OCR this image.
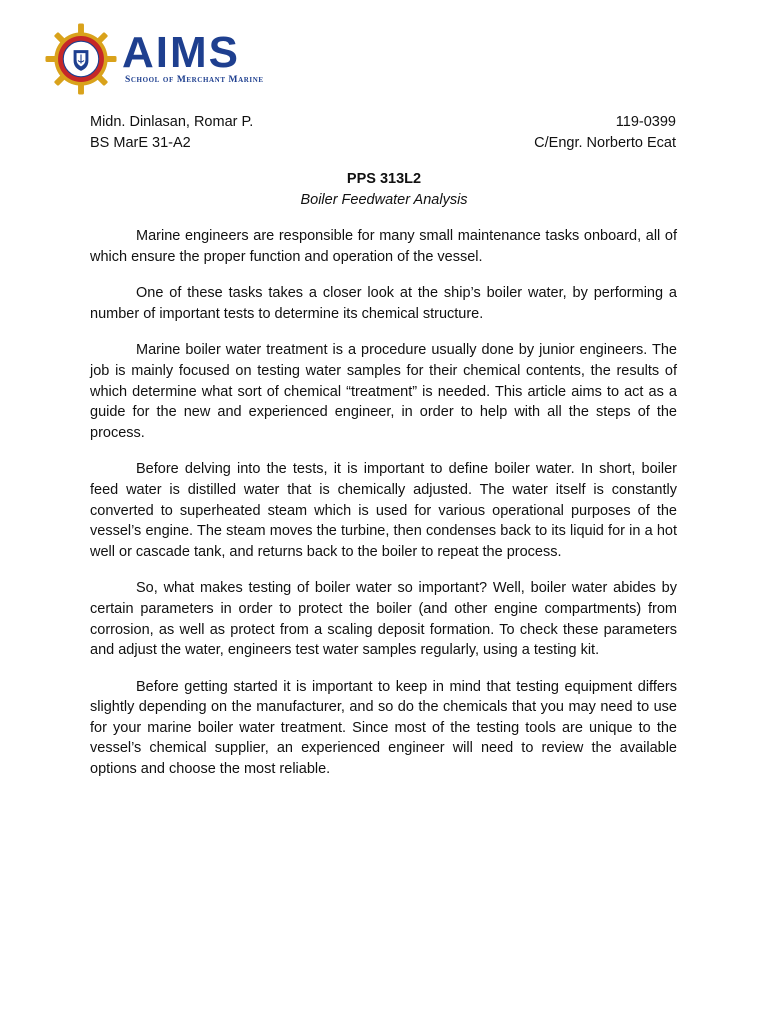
AIMS
School of Merchant Marine
Midn. Dinlasan, Romar P.	119-0399
BS MarE 31-A2	C/Engr. Norberto Ecat
PPS 313L2
Boiler Feedwater Analysis

Marine engineers are responsible for many small maintenance tasks onboard, all of which ensure the proper function and operation of the vessel.

One of these tasks takes a closer look at the ship’s boiler water, by performing a number of important tests to determine its chemical structure.

Marine boiler water treatment is a procedure usually done by junior engineers. The job is mainly focused on testing water samples for their chemical contents, the results of which determine what sort of chemical “treatment” is needed. This article aims to act as a guide for the new and experienced engineer, in order to help with all the steps of the process.

Before delving into the tests, it is important to define boiler water. In short, boiler feed water is distilled water that is chemically adjusted. The water itself is constantly converted to superheated steam which is used for various operational purposes of the vessel’s engine. The steam moves the turbine, then condenses back to its liquid for in a hot well or cascade tank, and returns back to the boiler to repeat the process.

So, what makes testing of boiler water so important? Well, boiler water abides by certain parameters in order to protect the boiler (and other engine compartments) from corrosion, as well as protect from a scaling deposit formation. To check these parameters and adjust the water, engineers test water samples regularly, using a testing kit.

Before getting started it is important to keep in mind that testing equipment differs slightly depending on the manufacturer, and so do the chemicals that you may need to use for your marine boiler water treatment. Since most of the testing tools are unique to the vessel’s chemical supplier, an experienced engineer will need to review the available options and choose the most reliable.
